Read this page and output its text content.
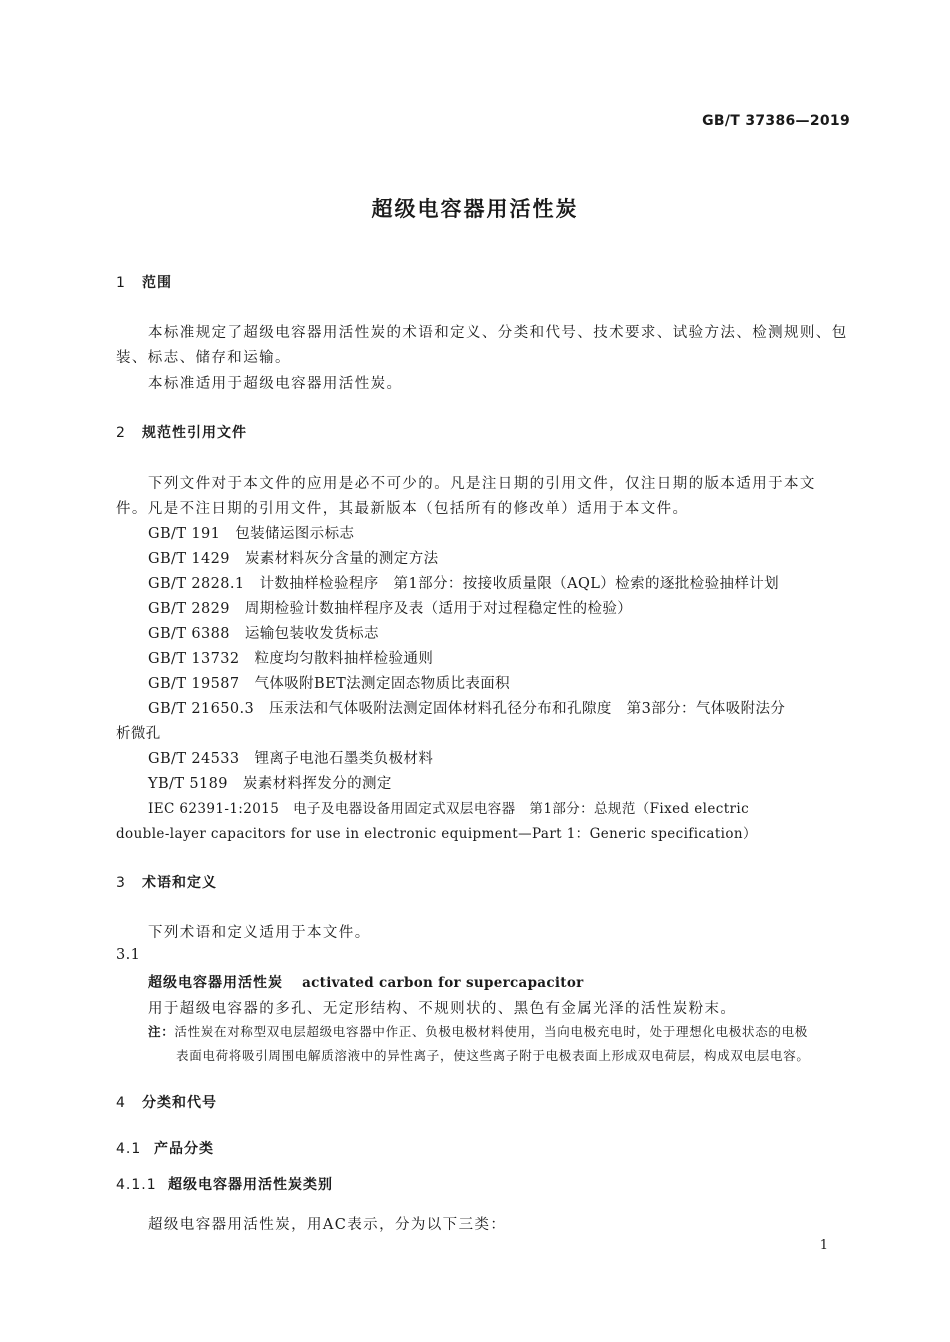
GB/T 37386—2019
超级电容器用活性炭
1 范围
本标准规定了超级电容器用活性炭的术语和定义、分类和代号、技术要求、试验方法、检测规则、包
装、标志、储存和运输。
本标准适用于超级电容器用活性炭。
2 规范性引用文件
下列文件对于本文件的应用是必不可少的。凡是注日期的引用文件，仅注日期的版本适用于本文
件。凡是不注日期的引用文件，其最新版本（包括所有的修改单）适用于本文件。
GB/T 191　 包装储运图示标志
GB/T 1429　 炭素材料灰分含量的测定方法
GB/T 2828.1　 计数抽样检验程序　第1部分：按接收质量限（AQL）检索的逐批检验抽样计划
GB/T 2829　 周期检验计数抽样程序及表（适用于对过程稳定性的检验）
GB/T 6388　 运输包装收发货标志
GB/T 13732　 粒度均匀散料抽样检验通则
GB/T 19587　 气体吸附BET法测定固态物质比表面积
GB/T 21650.3　 压汞法和气体吸附法测定固体材料孔径分布和孔隙度　第3部分：气体吸附法分
析微孔
GB/T 24533　 锂离子电池石墨类负极材料
YB/T 5189　 炭素材料挥发分的测定
IEC 62391-1:2015　 电子及电器设备用固定式双层电容器　第1部分：总规范（Fixed electric
double-layer capacitors for use in electronic equipment—Part 1：Generic specification）
3 术语和定义
下列术语和定义适用于本文件。
3.1
超级电容器用活性炭 activated carbon for supercapacitor
用于超级电容器的多孔、无定形结构、不规则状的、黑色有金属光泽的活性炭粉末。
注：活性炭在对称型双电层超级电容器中作正、负极电极材料使用，当向电极充电时，处于理想化电极状态的电极
表面电荷将吸引周围电解质溶液中的异性离子，使这些离子附于电极表面上形成双电荷层，构成双电层电容。
4 分类和代号
4.1 产品分类
4.1.1 超级电容器用活性炭类别
超级电容器用活性炭，用AC表示，分为以下三类：
1
